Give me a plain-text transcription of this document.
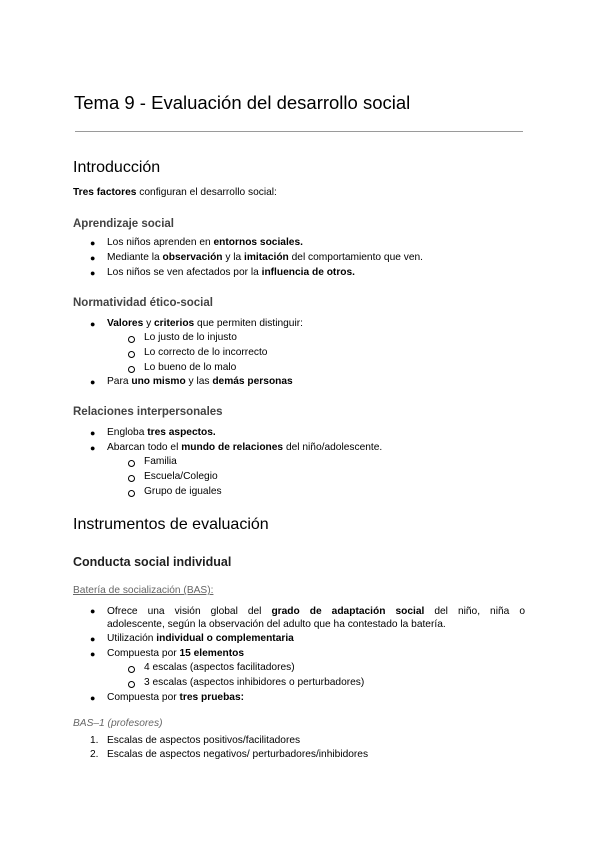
Tema 9 - Evaluación del desarrollo social
Introducción

Tres factores configuran el desarrollo social:

Aprendizaje social
● Los niños aprenden en entornos sociales.
● Mediante la observación y la imitación del comportamiento que ven.
● Los niños se ven afectados por la influencia de otros.
Normatividad ético-social
● Valores y criterios que permiten distinguir:
Lo justo de lo injusto
Lo correcto de lo incorrecto
Lo bueno de lo malo
● Para uno mismo y las demás personas
Relaciones interpersonales
● Engloba tres aspectos.
● Abarcan todo el mundo de relaciones del niño/adolescente.
Familia
Escuela/Colegio
Grupo de iguales
Instrumentos de evaluación
Conducta social individual

Batería de socialización (BAS):

● Ofrece una visión global del grado de adaptación social del niño, niña o
adolescente, según la observación del adulto que ha contestado la batería.
● Utilización individual o complementaria
● Compuesta por 15 elementos
4 escalas (aspectos facilitadores)
3 escalas (aspectos inhibidores o perturbadores)
● Compuesta por tres pruebas:

BAS–1 (profesores)

1. Escalas de aspectos positivos/facilitadores
2. Escalas de aspectos negativos/ perturbadores/inhibidores
